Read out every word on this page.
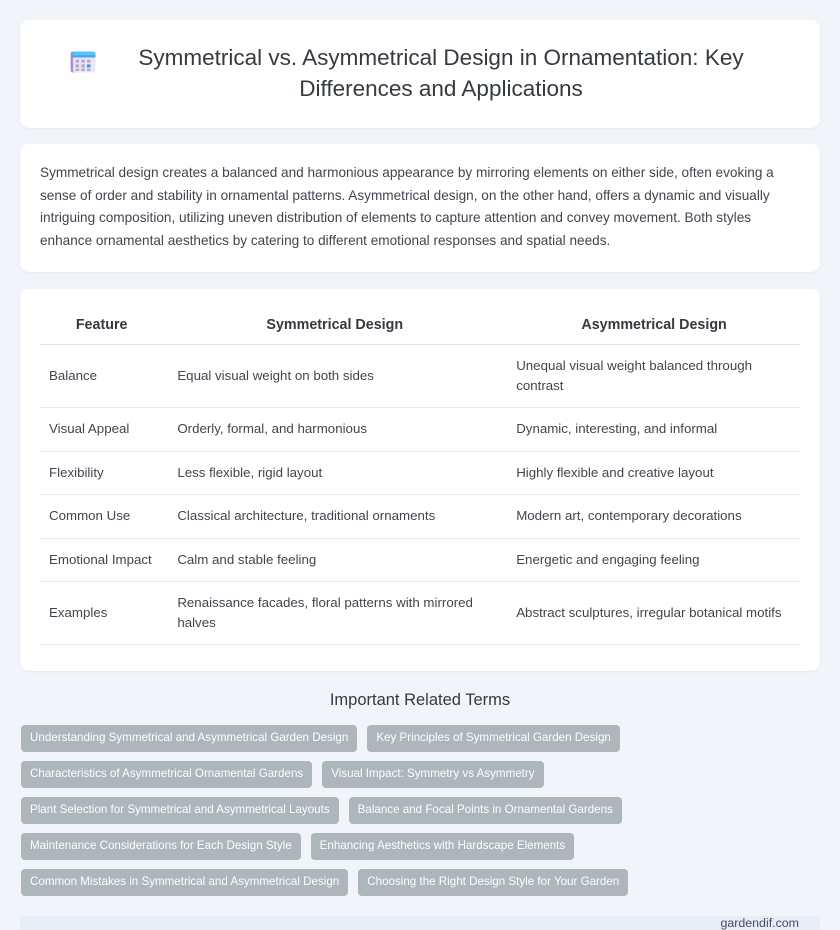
Symmetrical vs. Asymmetrical Design in Ornamentation: Key Differences and Applications
Symmetrical design creates a balanced and harmonious appearance by mirroring elements on either side, often evoking a sense of order and stability in ornamental patterns. Asymmetrical design, on the other hand, offers a dynamic and visually intriguing composition, utilizing uneven distribution of elements to capture attention and convey movement. Both styles enhance ornamental aesthetics by catering to different emotional responses and spatial needs.
Feature	Symmetrical Design	Asymmetrical Design
Balance	Equal visual weight on both sides	Unequal visual weight balanced through contrast
Visual Appeal	Orderly, formal, and harmonious	Dynamic, interesting, and informal
Flexibility	Less flexible, rigid layout	Highly flexible and creative layout
Common Use	Classical architecture, traditional ornaments	Modern art, contemporary decorations
Emotional Impact	Calm and stable feeling	Energetic and engaging feeling
Examples	Renaissance facades, floral patterns with mirrored halves	Abstract sculptures, irregular botanical motifs
Important Related Terms
Understanding Symmetrical and Asymmetrical Garden Design	Key Principles of Symmetrical Garden Design
Characteristics of Asymmetrical Ornamental Gardens	Visual Impact: Symmetry vs Asymmetry
Plant Selection for Symmetrical and Asymmetrical Layouts	Balance and Focal Points in Ornamental Gardens
Maintenance Considerations for Each Design Style	Enhancing Aesthetics with Hardscape Elements
Common Mistakes in Symmetrical and Asymmetrical Design	Choosing the Right Design Style for Your Garden
gardendif.com
